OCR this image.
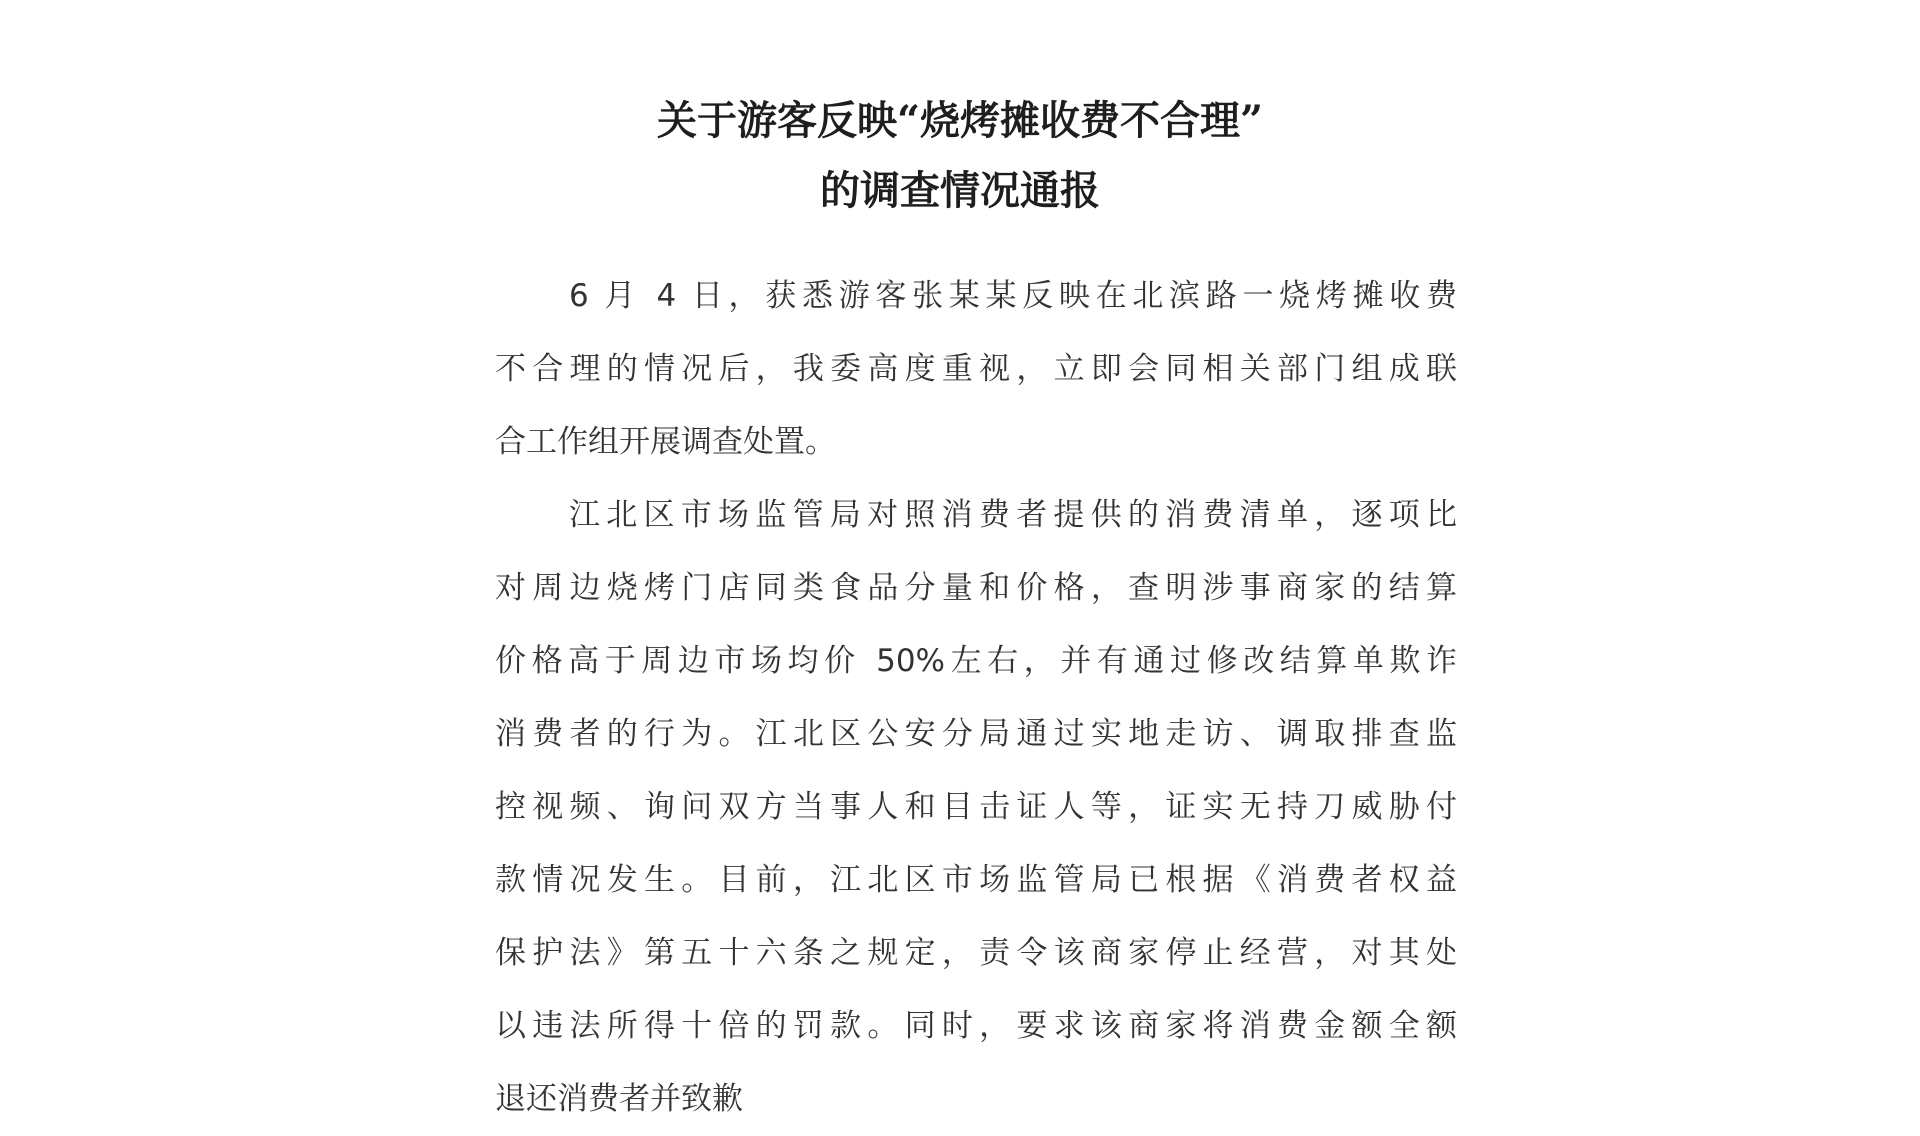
关于游客反映“烧烤摊收费不合理”
的调查情况通报
6 月 4 日，获悉游客张某某反映在北滨路一烧烤摊收费
不合理的情况后，我委高度重视，立即会同相关部门组成联
合工作组开展调查处置。
江北区市场监管局对照消费者提供的消费清单，逐项比
对周边烧烤门店同类食品分量和价格，查明涉事商家的结算
价格高于周边市场均价 50%左右，并有通过修改结算单欺诈
消费者的行为。江北区公安分局通过实地走访、调取排查监
控视频、询问双方当事人和目击证人等，证实无持刀威胁付
款情况发生。目前，江北区市场监管局已根据《消费者权益
保护法》第五十六条之规定，责令该商家停止经营，对其处
以违法所得十倍的罚款。同时，要求该商家将消费金额全额
退还消费者并致歉
